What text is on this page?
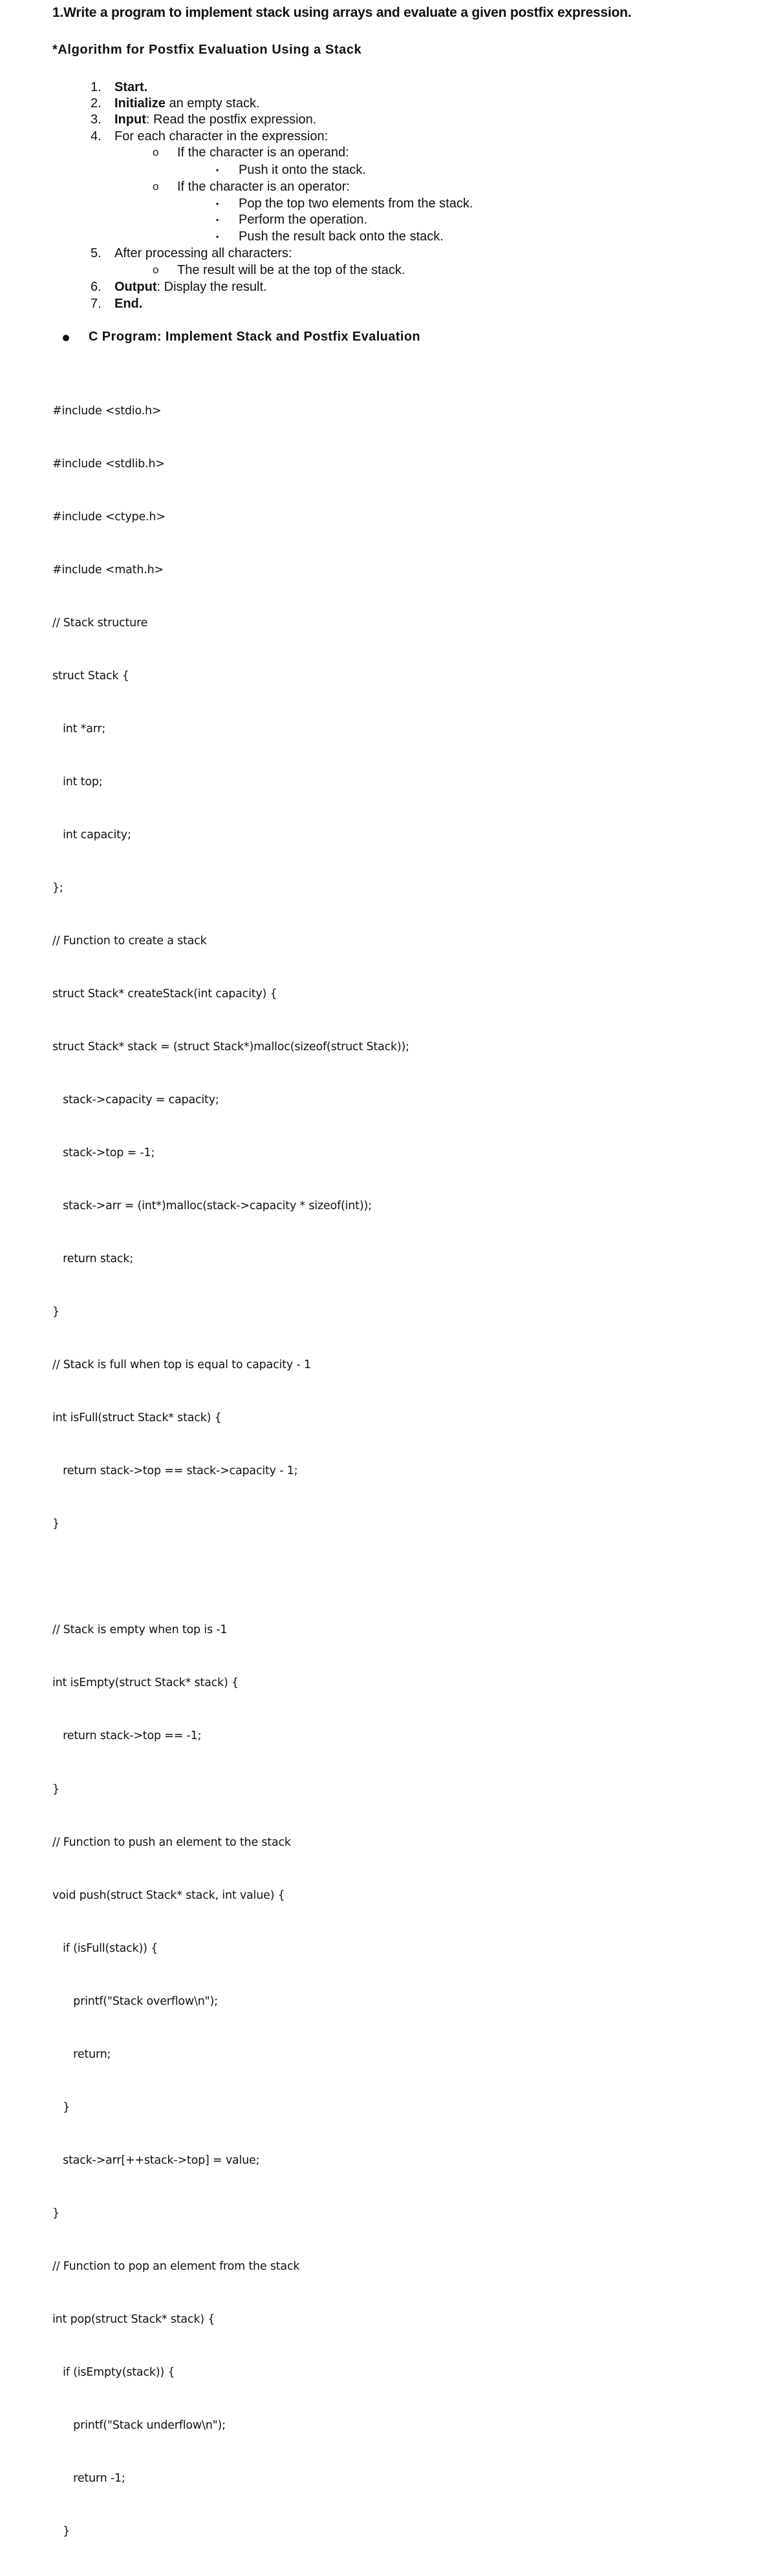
1.Write a program to implement stack using arrays and evaluate a given postfix expression.
*Algorithm for Postfix Evaluation Using a Stack
1.	Start.
2.	Initialize an empty stack.
3.	Input: Read the postfix expression.
4.	For each character in the expression:
o If the character is an operand:
▪ Push it onto the stack.
o If the character is an operator:
▪ Pop the top two elements from the stack.
▪ Perform the operation.
▪ Push the result back onto the stack.
5.	After processing all characters:
o The result will be at the top of the stack.
6.	Output: Display the result.
7.	End.
C Program: Implement Stack and Postfix Evaluation

#include <stdio.h>

#include <stdlib.h>

#include <ctype.h>

#include <math.h>

// Stack structure

struct Stack {

int *arr;

int top;

int capacity;

};

// Function to create a stack

struct Stack* createStack(int capacity) {

struct Stack* stack = (struct Stack*)malloc(sizeof(struct Stack));

stack->capacity = capacity;

stack->top = -1;

stack->arr = (int*)malloc(stack->capacity * sizeof(int));

return stack;

}

// Stack is full when top is equal to capacity - 1

int isFull(struct Stack* stack) {

return stack->top == stack->capacity - 1;

}

// Stack is empty when top is -1

int isEmpty(struct Stack* stack) {

return stack->top == -1;

}

// Function to push an element to the stack

void push(struct Stack* stack, int value) {

if (isFull(stack)) {

printf("Stack overflow\n");

return;

}

stack->arr[++stack->top] = value;

}

// Function to pop an element from the stack

int pop(struct Stack* stack) {

if (isEmpty(stack)) {

printf("Stack underflow\n");

return -1;

}
